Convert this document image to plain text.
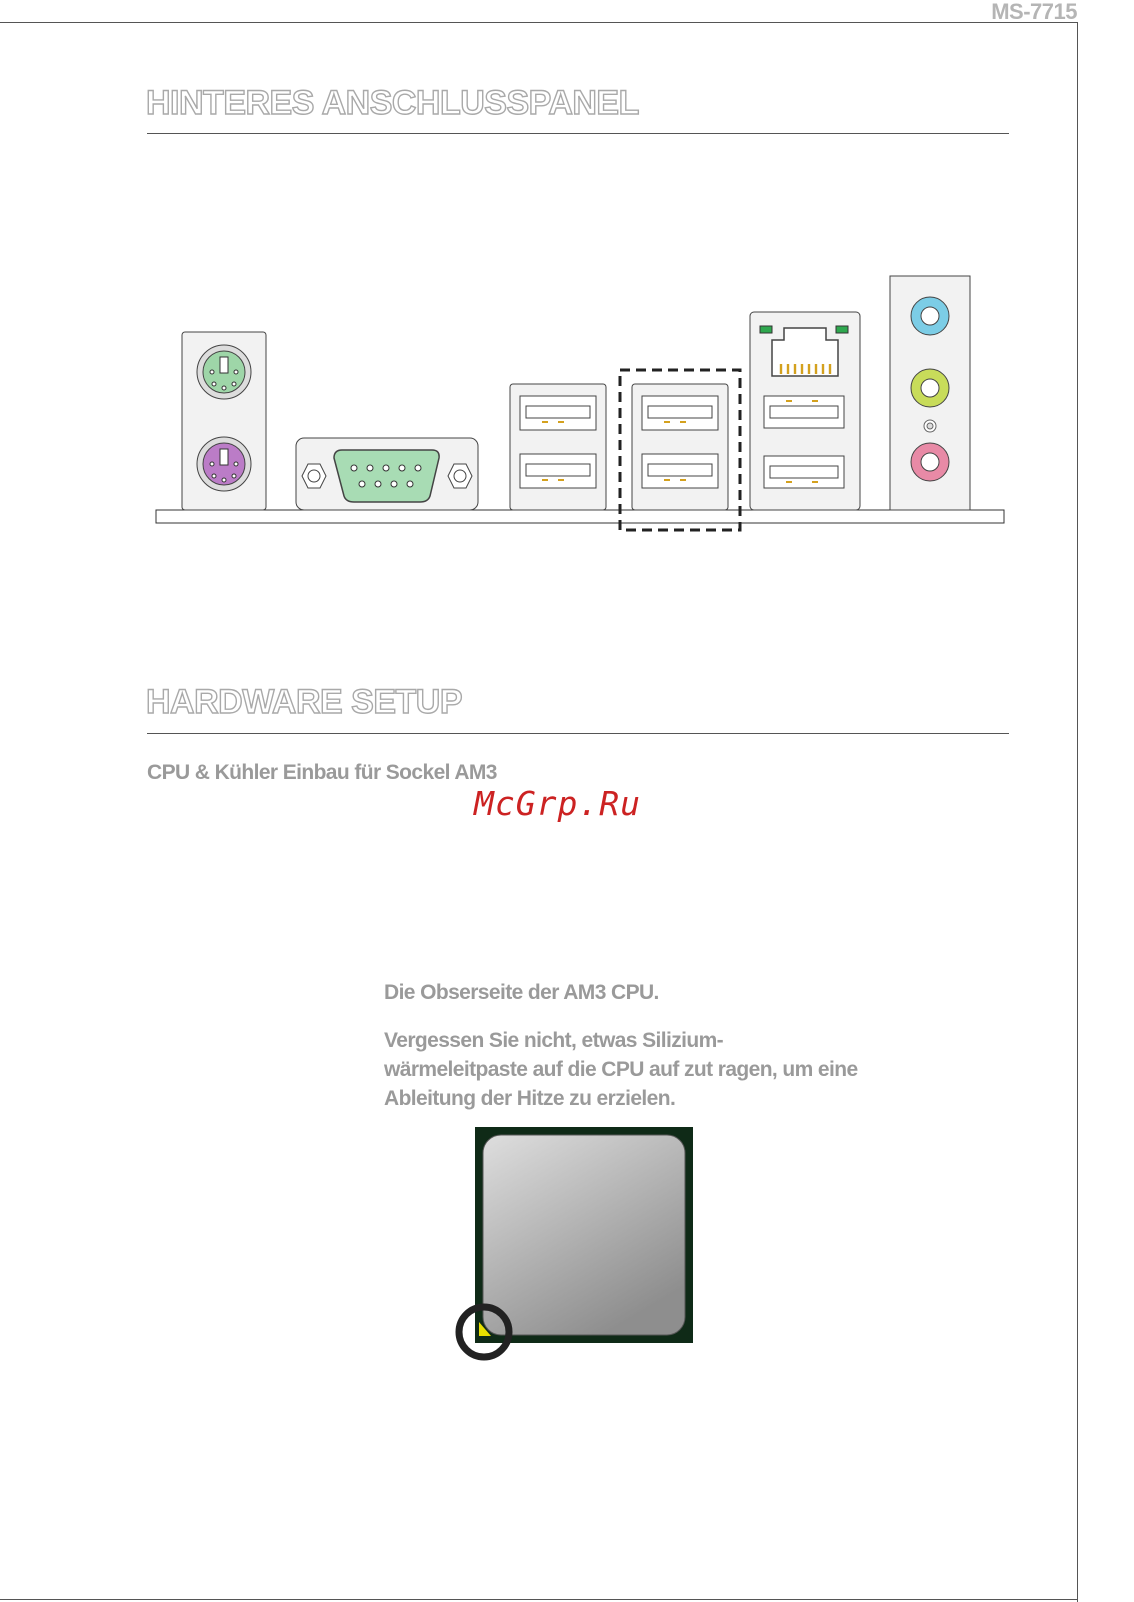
MS-7715
HINTERES ANSCHLUSSPANEL
HARDWARE SETUP
CPU & Kühler Einbau für Sockel AM3
McGrp.Ru
Die Obserseite der AM3 CPU.
Vergessen Sie nicht, etwas Silizium-wärmeleitpaste auf die CPU auf zut ragen, um eine Ableitung der Hitze zu erzielen.
